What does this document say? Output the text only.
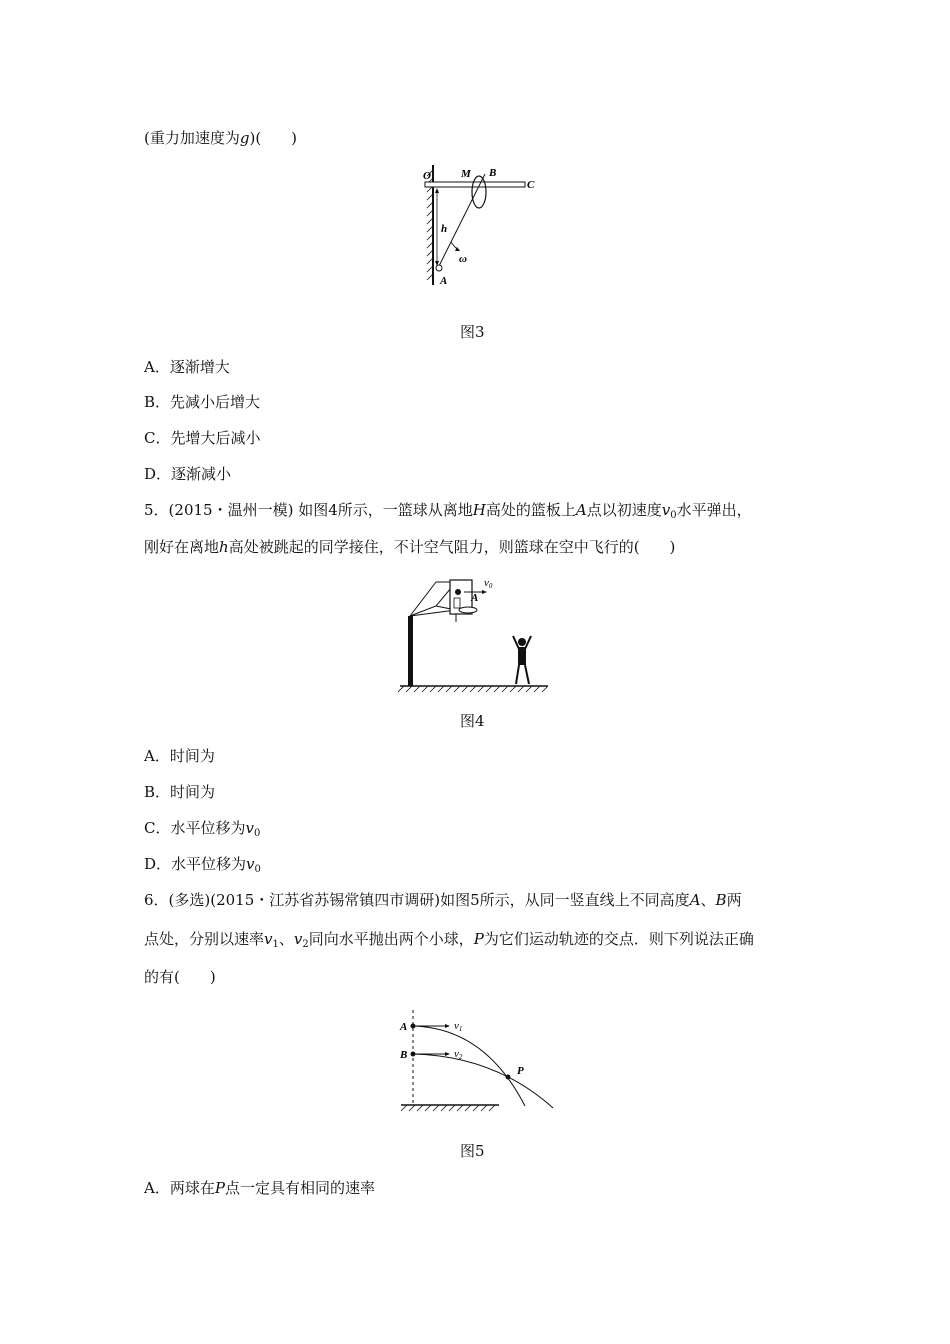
(重力加速度为g)(　　)
O	M B
C
h
ω
A
图3
A．逐渐增大
B．先减小后增大
C．先增大后减小
D．逐渐减小
5．(2015・温州一模) 如图4所示，一篮球从离地H高处的篮板上A点以初速度$v_0$水平弹出，
刚好在离地h高处被跳起的同学接住，不计空气阻力，则篮球在空中飞行的(　　)
A
v0
图4
A．时间为
B．时间为
C．水平位移为$v_0$
D．水平位移为$v_0$
6．(多选)(2015・江苏省苏锡常镇四市调研)如图5所示，从同一竖直线上不同高度A、B两
点处，分别以速率$v_1$、$v_2$同向水平抛出两个小球，P为它们运动轨迹的交点．则下列说法正确
的有(　　)
A
B
P
v1
v2
图5
A．两球在P点一定具有相同的速率
